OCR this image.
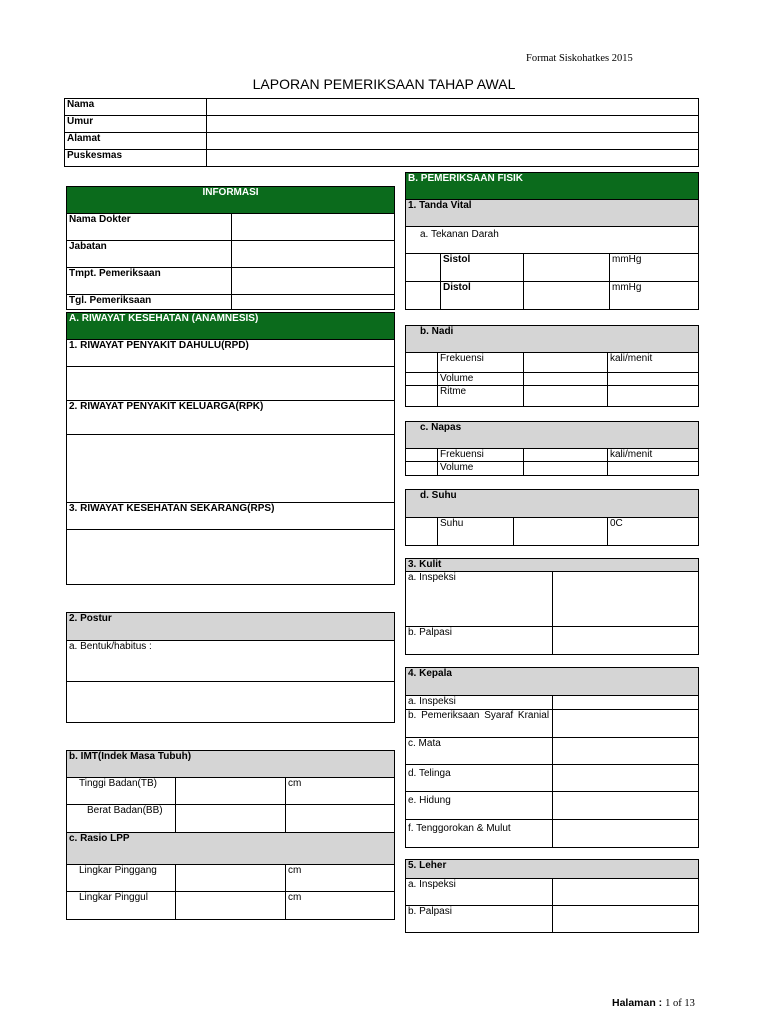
Format Siskohatkes 2015
LAPORAN PEMERIKSAAN TAHAP AWAL
Nama	
Umur	
Alamat	
Puskesmas	
INFORMASI	
Nama Dokter	
Jabatan	
Tmpt. Pemeriksaan	
Tgl. Pemeriksaan	
A. RIWAYAT KESEHATAN (ANAMNESIS)
1. RIWAYAT PENYAKIT DAHULU(RPD)

2. RIWAYAT PENYAKIT KELUARGA(RPK)

3. RIWAYAT KESEHATAN SEKARANG(RPS)

2. Postur
a. Bentuk/habitus :

b. IMT(Indek Masa Tubuh)		
Tinggi Badan(TB)		cm
Berat Badan(BB)		
c. Rasio LPP		
Lingkar Pinggang		cm
Lingkar Pinggul		cm
B. PEMERIKSAAN FISIK			
1. Tanda Vital			
a. Tekanan Darah			
	Sistol		mmHg
	Distol		mmHg
b. Nadi			
	Frekuensi		kali/menit
	Volume		
	Ritme		
c. Napas			
	Frekuensi		kali/menit
	Volume		
d. Suhu
	Suhu		0C
3. Kulit	
a. Inspeksi	
b. Palpasi	
4. Kepala	
a. Inspeksi	
b. Pemeriksaan Syaraf Kranial	
c. Mata	
d. Telinga	
e. Hidung	
f. Tenggorokan & Mulut	
5. Leher	
a. Inspeksi	
b. Palpasi	
Halaman : 1 of 13
